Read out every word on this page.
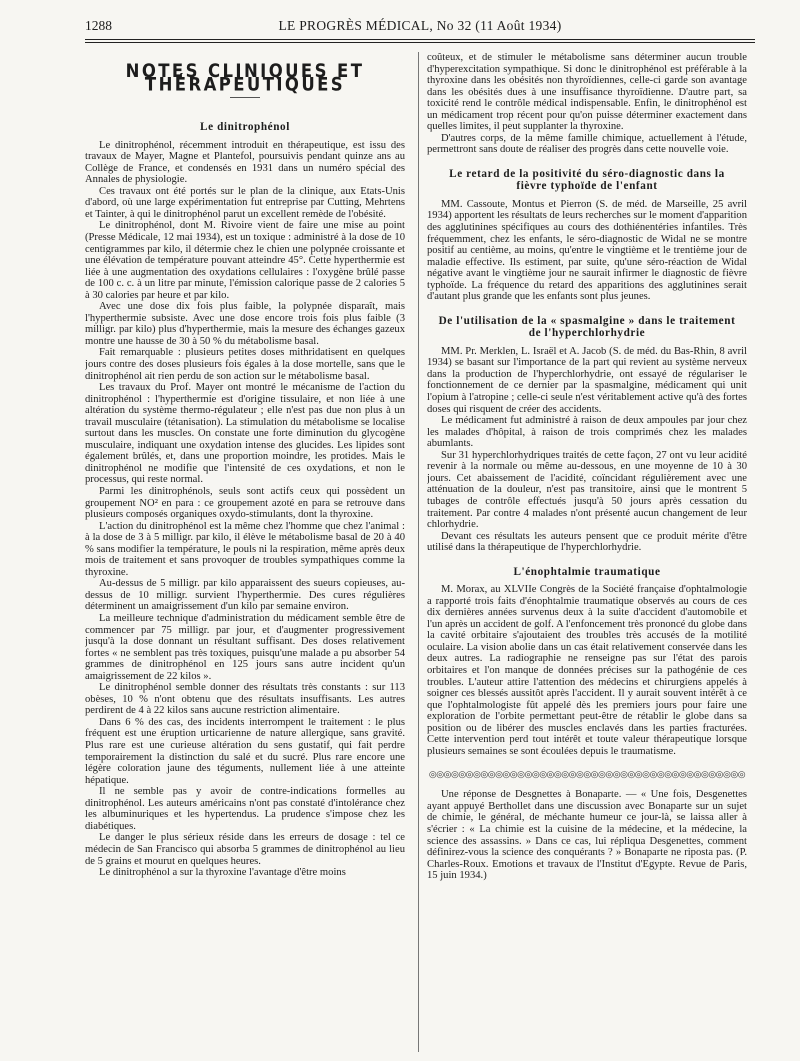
1288	LE PROGRÈS MÉDICAL, No 32 (11 Août 1934)
NOTES CLINIQUES ET THÉRAPEUTIQUES
Le dinitrophénol

Le dinitrophénol, récemment introduit en thérapeutique, est issu des travaux de Mayer, Magne et Plantefol, poursuivis pendant quinze ans au Collège de France, et condensés en 1931 dans un numéro spécial des Annales de physiologie.

Ces travaux ont été portés sur le plan de la clinique, aux Etats-Unis d'abord, où une large expérimentation fut entreprise par Cutting, Mehrtens et Tainter, à qui le dinitrophénol parut un excellent remède de l'obésité.

Le dinitrophénol, dont M. Rivoire vient de faire une mise au point (Presse Médicale, 12 mai 1934), est un toxique : administré à la dose de 10 centigrammes par kilo, il détermie chez le chien une polypnée croissante et une élévation de température pouvant atteindre 45°. Cette hyperthermie est liée à une augmentation des oxydations cellulaires : l'oxygène brûlé passe de 100 c. c. à un litre par minute, l'émission calorique passe de 2 calories 5 à 30 calories par heure et par kilo.

Avec une dose dix fois plus faible, la polypnée disparaît, mais l'hyperthermie subsiste. Avec une dose encore trois fois plus faible (3 milligr. par kilo) plus d'hyperthermie, mais la mesure des échanges gazeux montre une hausse de 30 à 50 % du métabolisme basal.

Fait remarquable : plusieurs petites doses mithridatisent en quelques jours contre des doses plusieurs fois égales à la dose mortelle, sans que le dinitrophénol ait rien perdu de son action sur le métabolisme basal.

Les travaux du Prof. Mayer ont montré le mécanisme de l'action du dinitrophénol : l'hyperthermie est d'origine tissulaire, et non liée à une altération du système thermo-régulateur ; elle n'est pas due non plus à un travail musculaire (tétanisation). La stimulation du métabolisme se localise surtout dans les muscles. On constate une forte diminution du glycogène musculaire, indiquant une oxydation intense des glucides. Les lipides sont également brûlés, et, dans une proportion moindre, les protides. Mais le dinitrophénol ne modifie que l'intensité de ces oxydations, et non le processus, qui reste normal.

Parmi les dinitrophénols, seuls sont actifs ceux qui possèdent un groupement NO² en para : ce groupement azoté en para se retrouve dans plusieurs composés organiques oxydo-stimulants, dont la thyroxine.

L'action du dinitrophénol est la même chez l'homme que chez l'animal : à la dose de 3 à 5 milligr. par kilo, il élève le métabolisme basal de 20 à 40 % sans modifier la température, le pouls ni la respiration, même après deux mois de traitement et sans provoquer de troubles sympathiques comme la thyroxine.

Au-dessus de 5 milligr. par kilo apparaissent des sueurs copieuses, au-dessus de 10 milligr. survient l'hyperthermie. Des cures régulières déterminent un amaigrissement d'un kilo par semaine environ.

La meilleure technique d'administration du médicament semble être de commencer par 75 milligr. par jour, et d'augmenter progressivement jusqu'à la dose donnant un résultant suffisant. Des doses relativement fortes « ne semblent pas très toxiques, puisqu'une malade a pu absorber 54 grammes de dinitrophénol en 125 jours sans autre incident qu'un amaigrissement de 22 kilos ».

Le dinitrophénol semble donner des résultats très constants : sur 113 obèses, 10 % n'ont obtenu que des résultats insuffisants. Les autres perdirent de 4 à 22 kilos sans aucune restriction alimentaire.

Dans 6 % des cas, des incidents interrompent le traitement : le plus fréquent est une éruption urticarienne de nature allergique, sans gravité. Plus rare est une curieuse altération du sens gustatif, qui fait perdre temporairement la distinction du salé et du sucré. Plus rare encore une légère coloration jaune des téguments, nullement liée à une atteinte hépatique.

Il ne semble pas y avoir de contre-indications formelles au dinitrophénol. Les auteurs américains n'ont pas constaté d'intolérance chez les albuminuriques et les hypertendus. La prudence s'impose chez les diabétiques.

Le danger le plus sérieux réside dans les erreurs de dosage : tel ce médecin de San Francisco qui absorba 5 grammes de dinitrophénol au lieu de 5 grains et mourut en quelques heures.

Le dinitrophénol a sur la thyroxine l'avantage d'être moins

coûteux, et de stimuler le métabolisme sans déterminer aucun trouble d'hyperexcitation sympathique. Si donc le dinitrophénol est préférable à la thyroxine dans les obésités non thyroïdiennes, celle-ci garde son avantage dans les obésités dues à une insuffisance thyroïdienne. D'autre part, sa toxicité rend le contrôle médical indispensable. Enfin, le dinitrophénol est un médicament trop récent pour qu'on puisse déterminer exactement dans quelles limites, il peut supplanter la thyroxine.

D'autres corps, de la même famille chimique, actuellement à l'étude, permettront sans doute de réaliser des progrès dans cette nouvelle voie.

Le retard de la positivité du séro-diagnostic dans la fièvre typhoïde de l'enfant

MM. Cassoute, Montus et Pierron (S. de méd. de Marseille, 25 avril 1934) apportent les résultats de leurs recherches sur le moment d'apparition des agglutinines spécifiques au cours des dothiénentéries infantiles. Très fréquemment, chez les enfants, le séro-diagnostic de Widal ne se montre positif au centième, au moins, qu'entre le vingtième et le trentième jour de maladie effective. Ils estiment, par suite, qu'une séro-réaction de Widal négative avant le vingtième jour ne saurait infirmer le diagnostic de fièvre typhoïde. La fréquence du retard des apparitions des agglutinines serait d'autant plus grande que les enfants sont plus jeunes.

De l'utilisation de la « spasmalgine » dans le traitement de l'hyperchlorhydrie

MM. Pr. Merklen, L. Israël et A. Jacob (S. de méd. du Bas-Rhin, 8 avril 1934) se basant sur l'importance de la part qui revient au système nerveux dans la production de l'hyperchlorhydrie, ont essayé de régulariser le fonctionnement de ce dernier par la spasmalgine, médicament qui unit l'opium à l'atropine ; celle-ci seule n'est véritablement active qu'à des fortes doses qui risquent de créer des accidents.

Le médicament fut administré à raison de deux ampoules par jour chez les malades d'hôpital, à raison de trois comprimés chez les malades abumlants.

Sur 31 hyperchlorhydriques traités de cette façon, 27 ont vu leur acidité revenir à la normale ou même au-dessous, en une moyenne de 10 à 30 jours. Cet abaissement de l'acidité, coïncidant régulièrement avec une atténuation de la douleur, n'est pas transitoire, ainsi que le montrent 5 tubages de contrôle effectués jusqu'à 50 jours après cessation du traitement. Par contre 4 malades n'ont présenté aucun changement de leur chlorhydrie.

Devant ces résultats les auteurs pensent que ce produit mérite d'être utilisé dans la thérapeutique de l'hyperchlorhydrie.

L'énophtalmie traumatique

M. Morax, au XLVIIe Congrès de la Société française d'ophtalmologie a rapporté trois faits d'énophtalmie traumatique observés au cours de ces dix dernières années survenus deux à la suite d'accident d'automobile et l'un après un accident de golf. A l'enfoncement très prononcé du globe dans la cavité orbitaire s'ajoutaient des troubles très accusés de la motilité oculaire. La vision abolie dans un cas était relativement conservée dans les deux autres. La radiographie ne renseigne pas sur l'état des parois orbitaires et l'on manque de données précises sur la pathogénie de ces troubles. L'auteur attire l'attention des médecins et chirurgiens appelés à soigner ces blessés aussitôt après l'accident. Il y aurait souvent intérêt à ce que l'ophtalmologiste fût appelé dès les premiers jours pour faire une exploration de l'orbite permettant peut-être de rétablir le globe dans sa position ou de libérer des muscles enclavés dans les parties fracturées. Cette intervention perd tout intérêt et toute valeur thérapeutique lorsque plusieurs semaines se sont écoulées depuis le traumatisme.

◎◎◎◎◎◎◎◎◎◎◎◎◎◎◎◎◎◎◎◎◎◎◎◎◎◎◎◎◎◎◎◎◎◎◎◎◎◎◎◎◎◎◎

Une réponse de Desgnettes à Bonaparte. — « Une fois, Desgenettes ayant appuyé Berthollet dans une discussion avec Bonaparte sur un sujet de chimie, le général, de méchante humeur ce jour-là, se laissa aller à s'écrier : « La chimie est la cuisine de la médecine, et la médecine, la science des assassins. » Dans ce cas, lui répliqua Desgenettes, comment définirez-vous la science des conquérants ? » Bonaparte ne riposta pas. (P. Charles-Roux. Emotions et travaux de l'Institut d'Egypte. Revue de Paris, 15 juin 1934.)
